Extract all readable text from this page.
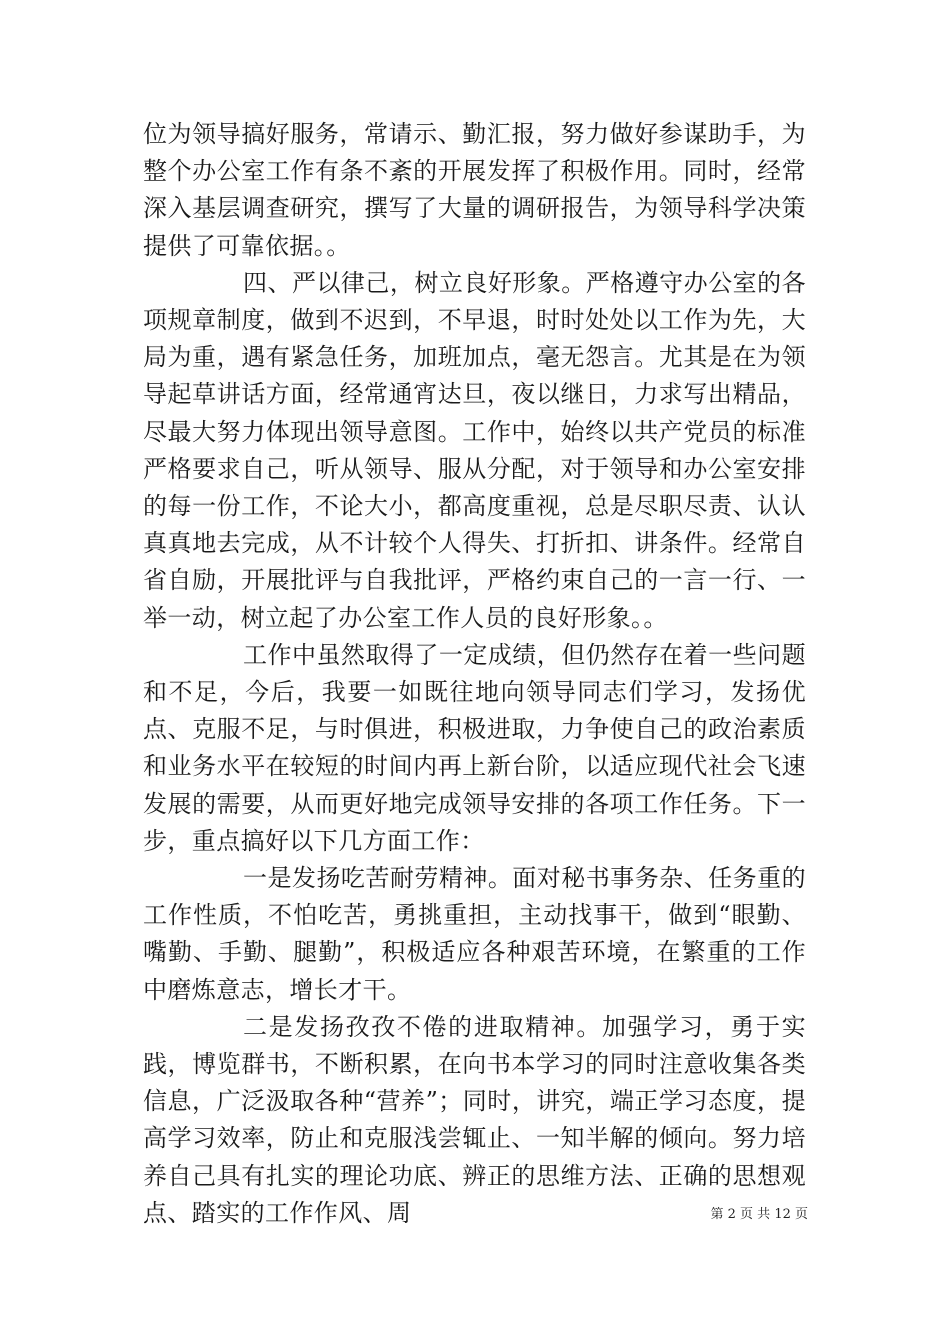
位为领导搞好服务，常请示、勤汇报，努力做好参谋助手，为整个办公室工作有条不紊的开展发挥了积极作用。同时，经常深入基层调查研究，撰写了大量的调研报告，为领导科学决策提供了可靠依据。。

四、严以律己，树立良好形象。严格遵守办公室的各项规章制度，做到不迟到，不早退，时时处处以工作为先，大局为重，遇有紧急任务，加班加点，毫无怨言。尤其是在为领导起草讲话方面，经常通宵达旦，夜以继日，力求写出精品，尽最大努力体现出领导意图。工作中，始终以共产党员的标准严格要求自己，听从领导、服从分配，对于领导和办公室安排的每一份工作，不论大小，都高度重视，总是尽职尽责、认认真真地去完成，从不计较个人得失、打折扣、讲条件。经常自省自励，开展批评与自我批评，严格约束自己的一言一行、一举一动，树立起了办公室工作人员的良好形象。。

工作中虽然取得了一定成绩，但仍然存在着一些问题和不足，今后，我要一如既往地向领导同志们学习，发扬优点、克服不足，与时俱进，积极进取，力争使自己的政治素质和业务水平在较短的时间内再上新台阶，以适应现代社会飞速发展的需要，从而更好地完成领导安排的各项工作任务。下一步，重点搞好以下几方面工作：

一是发扬吃苦耐劳精神。面对秘书事务杂、任务重的工作性质，不怕吃苦，勇挑重担，主动找事干，做到“眼勤、嘴勤、手勤、腿勤”，积极适应各种艰苦环境，在繁重的工作中磨炼意志，增长才干。

二是发扬孜孜不倦的进取精神。加强学习，勇于实践，博览群书，不断积累，在向书本学习的同时注意收集各类信息，广泛汲取各种“营养”；同时，讲究，端正学习态度，提高学习效率，防止和克服浅尝辄止、一知半解的倾向。努力培养自己具有扎实的理论功底、辨正的思维方法、正确的思想观点、踏实的工作作风、周	第 2 页 共 12 页
